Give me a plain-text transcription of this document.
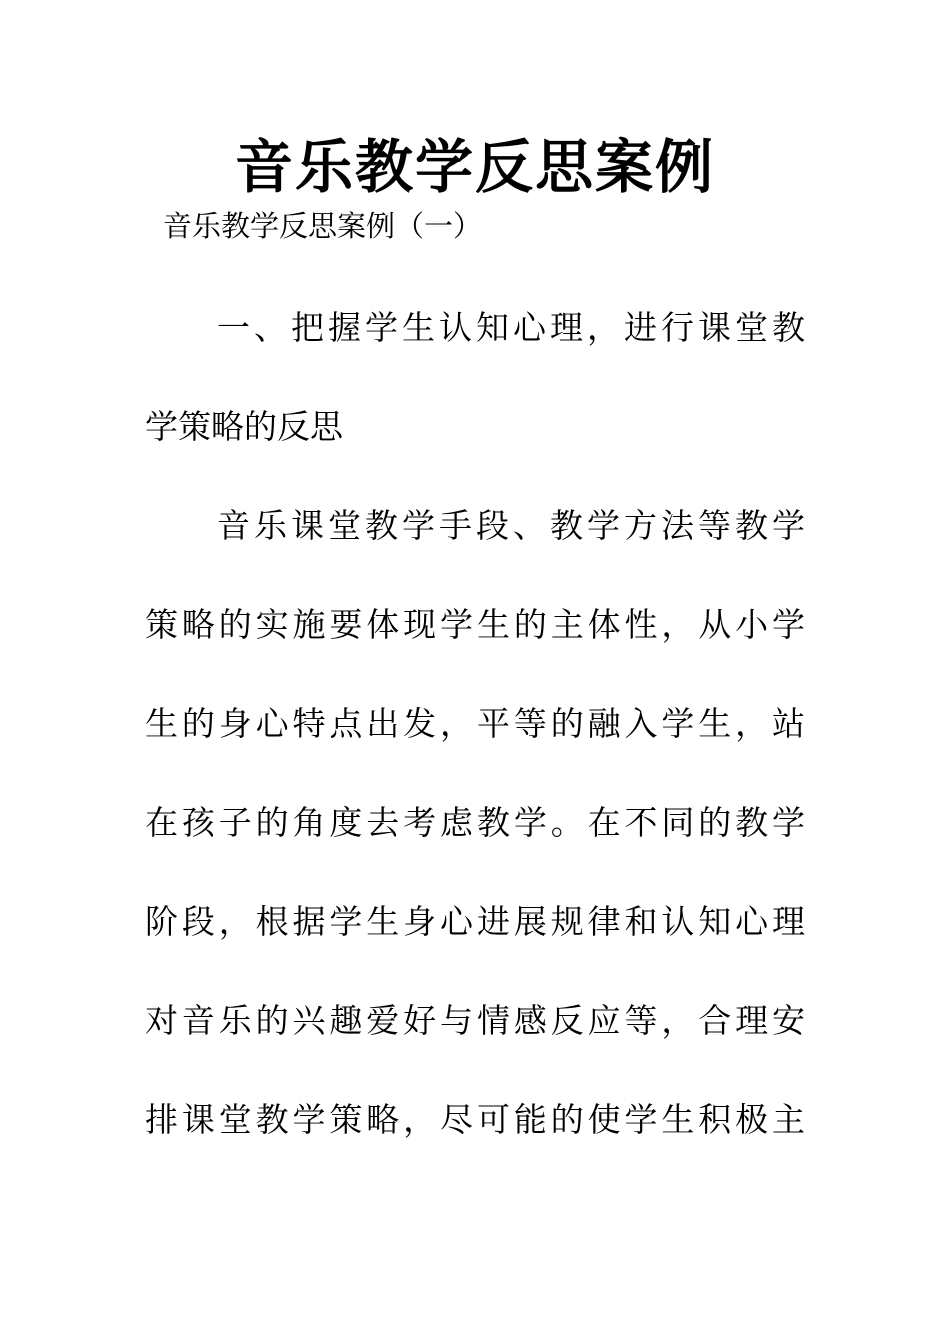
音乐教学反思案例
音乐教学反思案例（一）
一、把握学生认知心理，进行课堂教
学策略的反思
音乐课堂教学手段、教学方法等教学
策略的实施要体现学生的主体性，从小学
生的身心特点出发，平等的融入学生，站
在孩子的角度去考虑教学。在不同的教学
阶段，根据学生身心进展规律和认知心理
对音乐的兴趣爱好与情感反应等，合理安
排课堂教学策略，尽可能的使学生积极主
